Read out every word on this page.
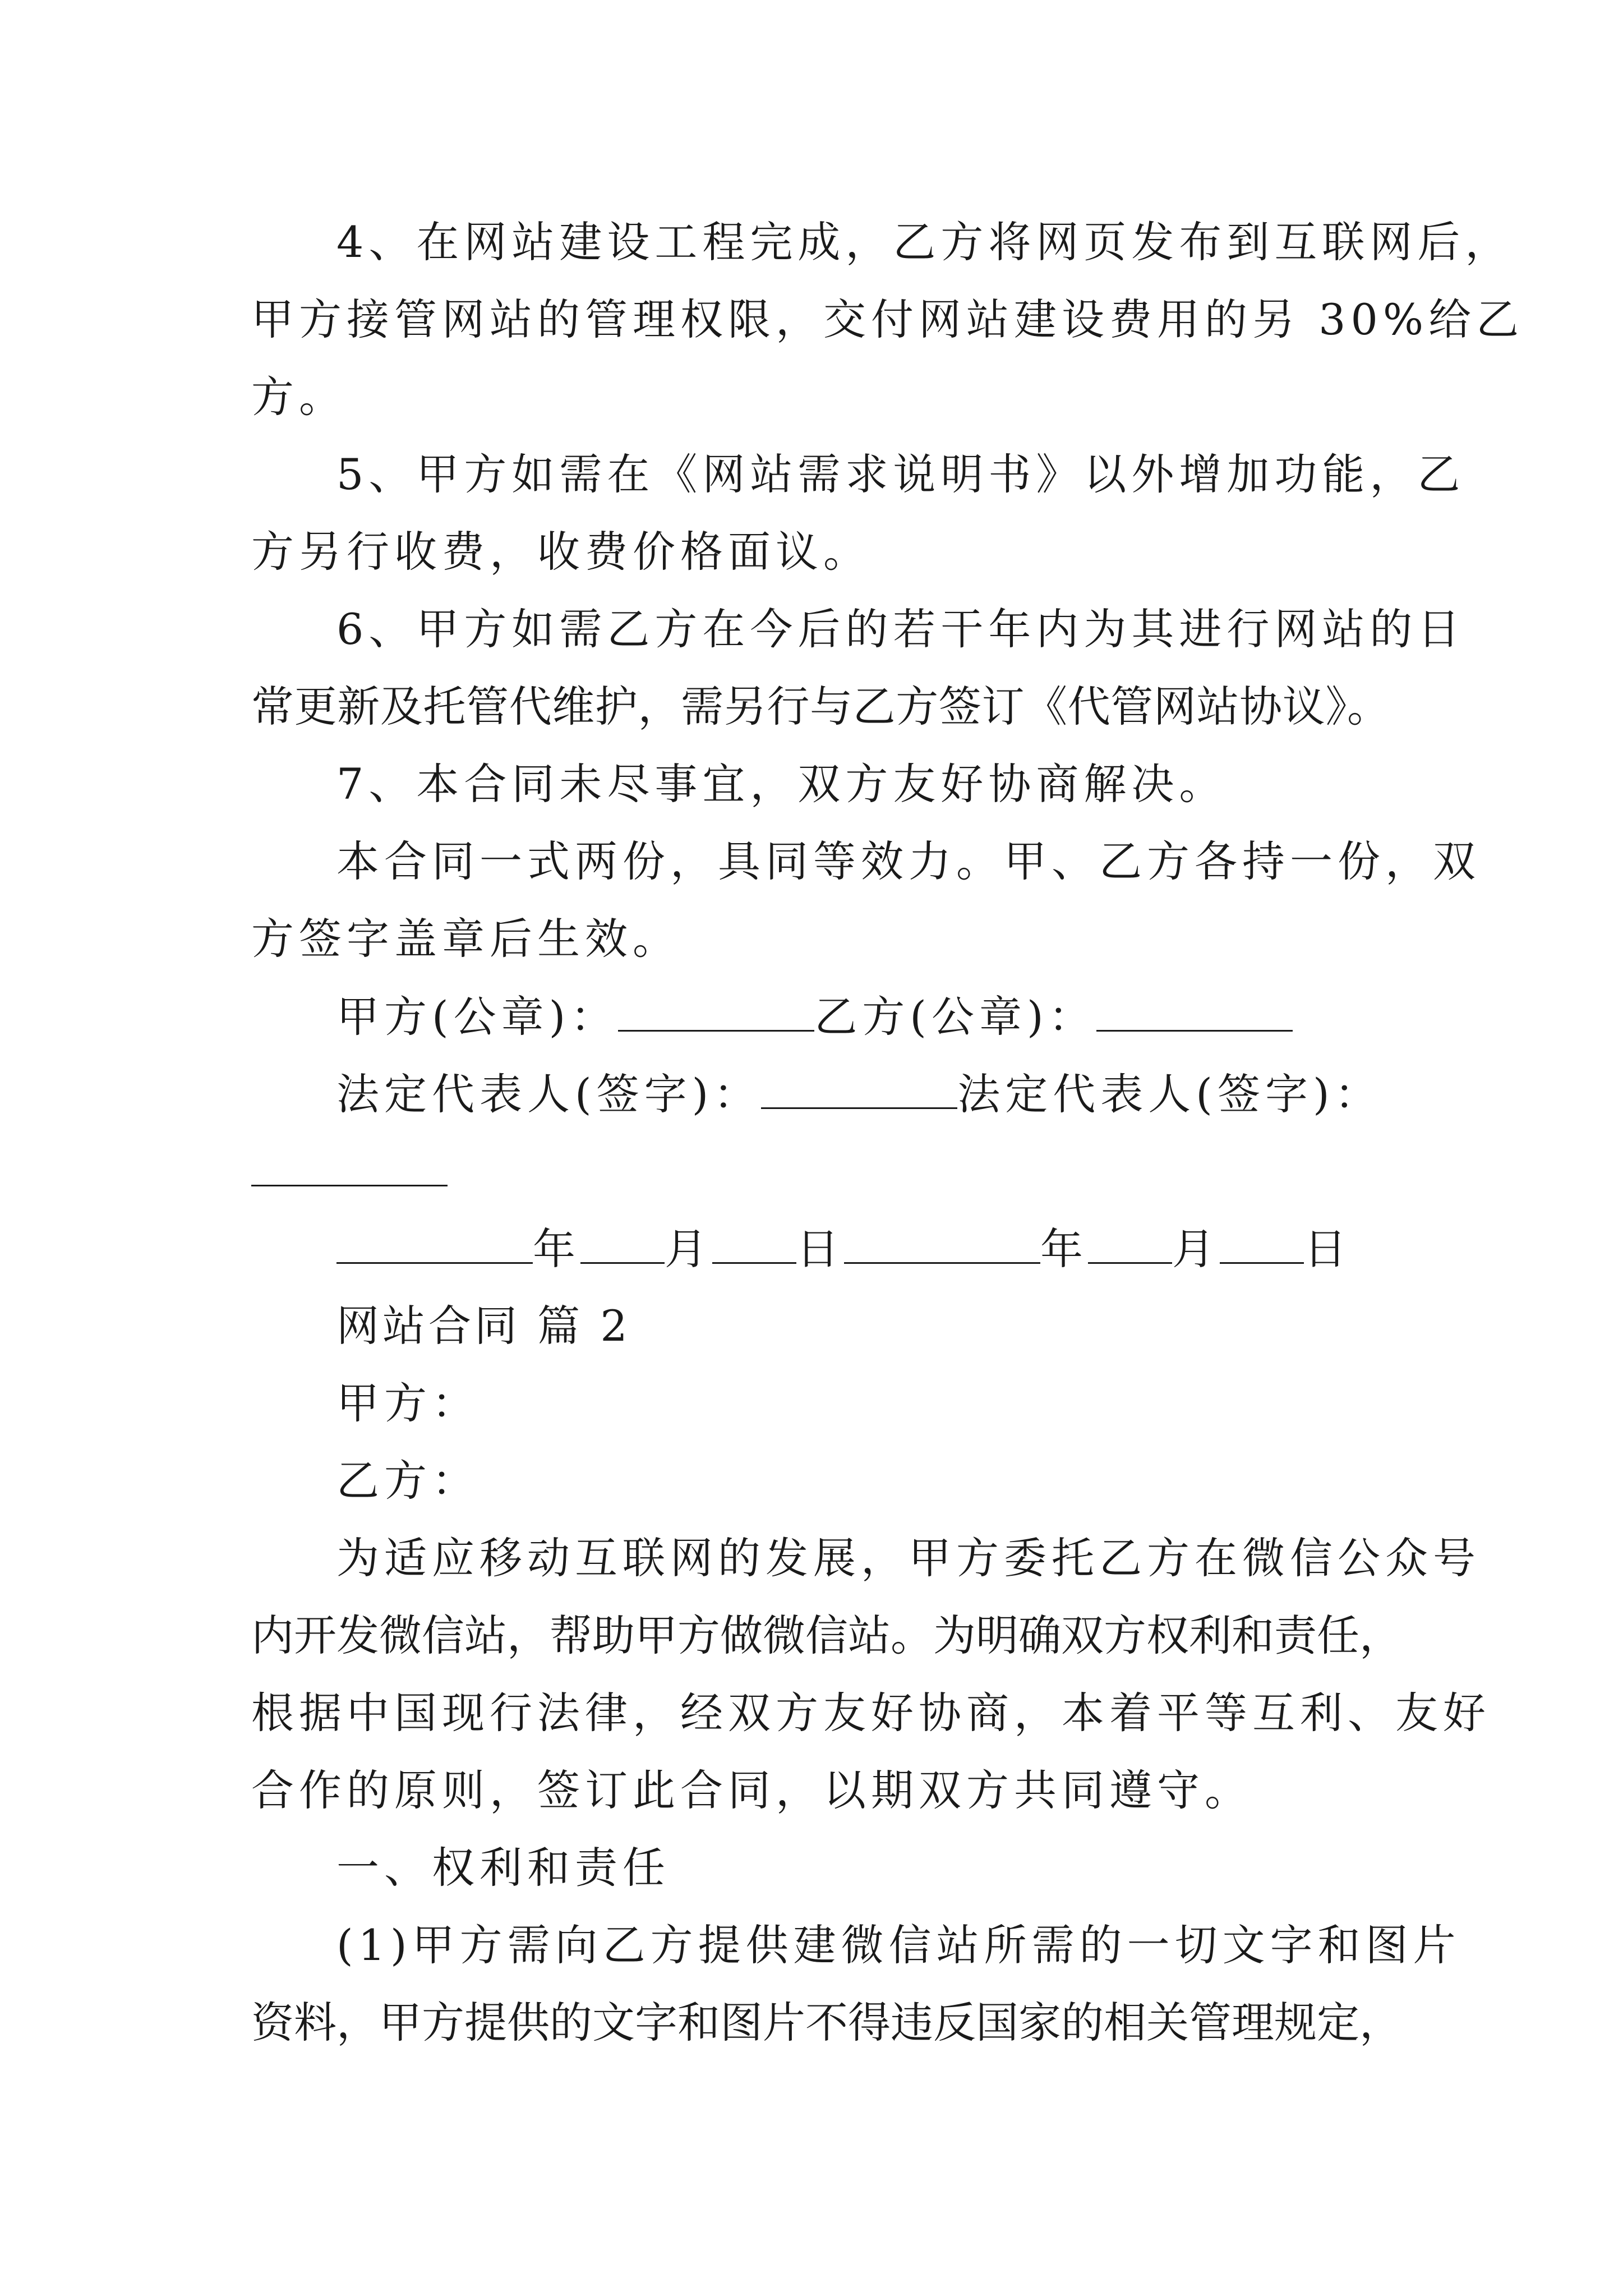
4、在网站建设工程完成，乙方将网页发布到互联网后，

甲方接管网站的管理权限，交付网站建设费用的另 30%给乙

方。

5、甲方如需在《网站需求说明书》以外增加功能，乙

方另行收费，收费价格面议。

6、甲方如需乙方在今后的若干年内为其进行网站的日

常更新及托管代维护，需另行与乙方签订《代管网站协议》。

7、本合同未尽事宜，双方友好协商解决。

本合同一式两份，具同等效力。甲、乙方各持一份，双

方签字盖章后生效。

甲方(公章)：	乙方(公章)：

法定代表人(签字)：	法定代表人(签字)：

年 月 日	年 月 日

网站合同 篇 2

甲方：

乙方：

为适应移动互联网的发展，甲方委托乙方在微信公众号

内开发微信站，帮助甲方做微信站。为明确双方权利和责任，

根据中国现行法律，经双方友好协商，本着平等互利、友好

合作的原则，签订此合同，以期双方共同遵守。

一、权利和责任

(1)甲方需向乙方提供建微信站所需的一切文字和图片

资料，甲方提供的文字和图片不得违反国家的相关管理规定，
